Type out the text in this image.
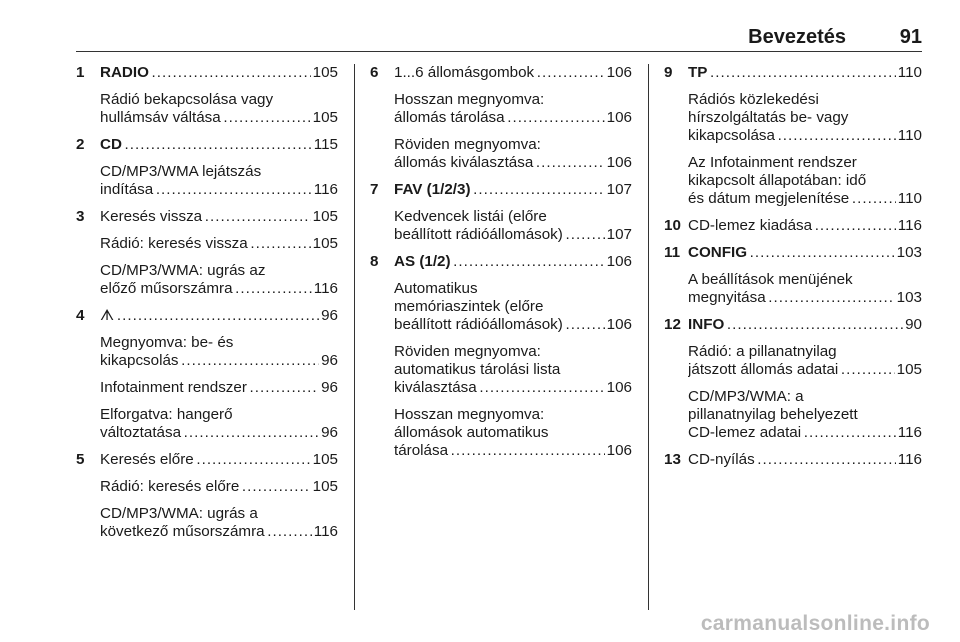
Bevezetés	91
1	RADIO . . .	105
Rádió bekapcsolása vagy
hullámsáv váltása . . .	105
2	CD . . .	115
CD/MP3/WMA lejátszás
indítása . . .	116
3	Keresés vissza . . .	105
Rádió: keresés vissza . . .	105
CD/MP3/WMA: ugrás az
előző műsorszámra . . .	116
4	ᗑ . . .	96
Megnyomva: be- és
kikapcsolás . . .	96
Infotainment rendszer . . .	96
Elforgatva: hangerő
változtatása . . .	96
5	Keresés előre . . .	105
Rádió: keresés előre . . .	105
CD/MP3/WMA: ugrás a
következő műsorszámra . . .	116
6	1...6 állomásgombok . . .	106
Hosszan megnyomva:
állomás tárolása . . .	106
Röviden megnyomva:
állomás kiválasztása . . .	106
7	FAV (1/2/3) . . .	107
Kedvencek listái (előre
beállított rádióállomások) . . .	107
8	AS (1/2) . . .	106
Automatikus
memóriaszintek (előre
beállított rádióállomások) . . .	106
Röviden megnyomva:
automatikus tárolási lista
kiválasztása . . .	106
Hosszan megnyomva:
állomások automatikus
tárolása . . .	106
9	TP . . .	110
Rádiós közlekedési
hírszolgáltatás be- vagy
kikapcsolása . . .	110
Az Infotainment rendszer
kikapcsolt állapotában: idő
és dátum megjelenítése . . .	110
10 CD-lemez kiadása . . .	116
11 CONFIG . . .	103
A beállítások menüjének
megnyitása . . .	103
12 INFO . . .	90
Rádió: a pillanatnyilag
játszott állomás adatai . . .	105
CD/MP3/WMA: a
pillanatnyilag behelyezett
CD-lemez adatai . . .	116
13 CD-nyílás . . .	116
carmanualsonline.info
